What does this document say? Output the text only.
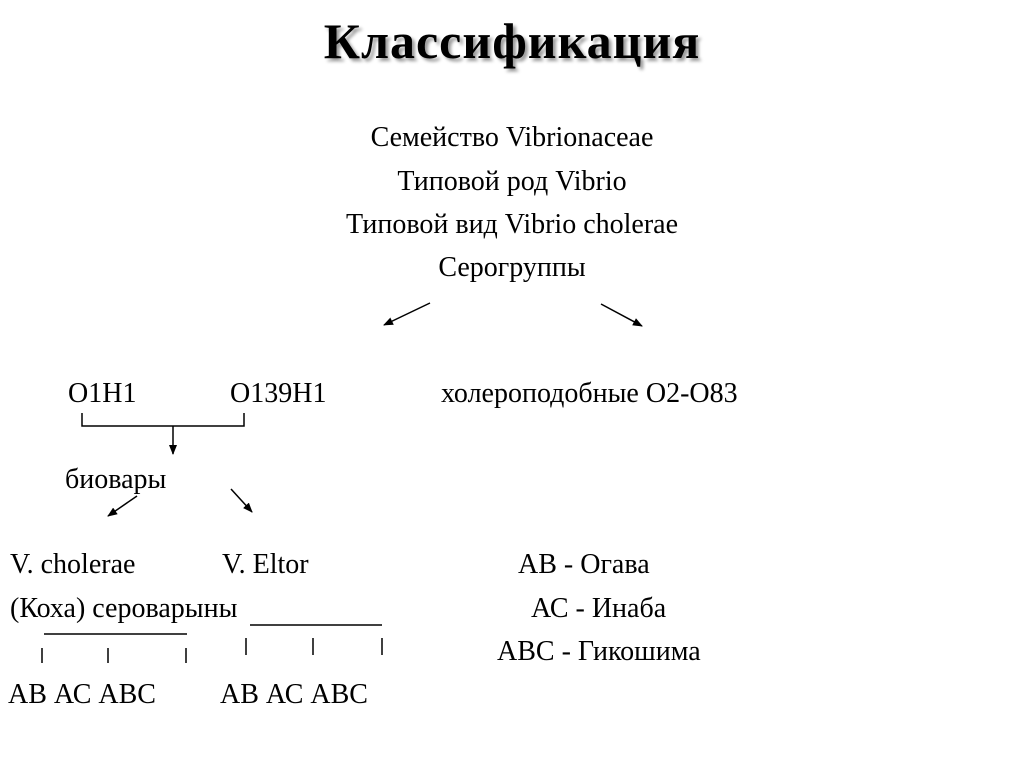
Классификация
Семейство Vibrionaceae
Типовой род Vibrio
Типовой вид Vibrio cholerae
Серогруппы
О1Н1	О139Н1	холероподобные О2-О83
биовары
V. cholerae	V. Eltor
(Коха) сероварыны
АВ - Огава
АС - Инаба
АВС - Гикошима
АВ АС АВС АВ АС АВС
